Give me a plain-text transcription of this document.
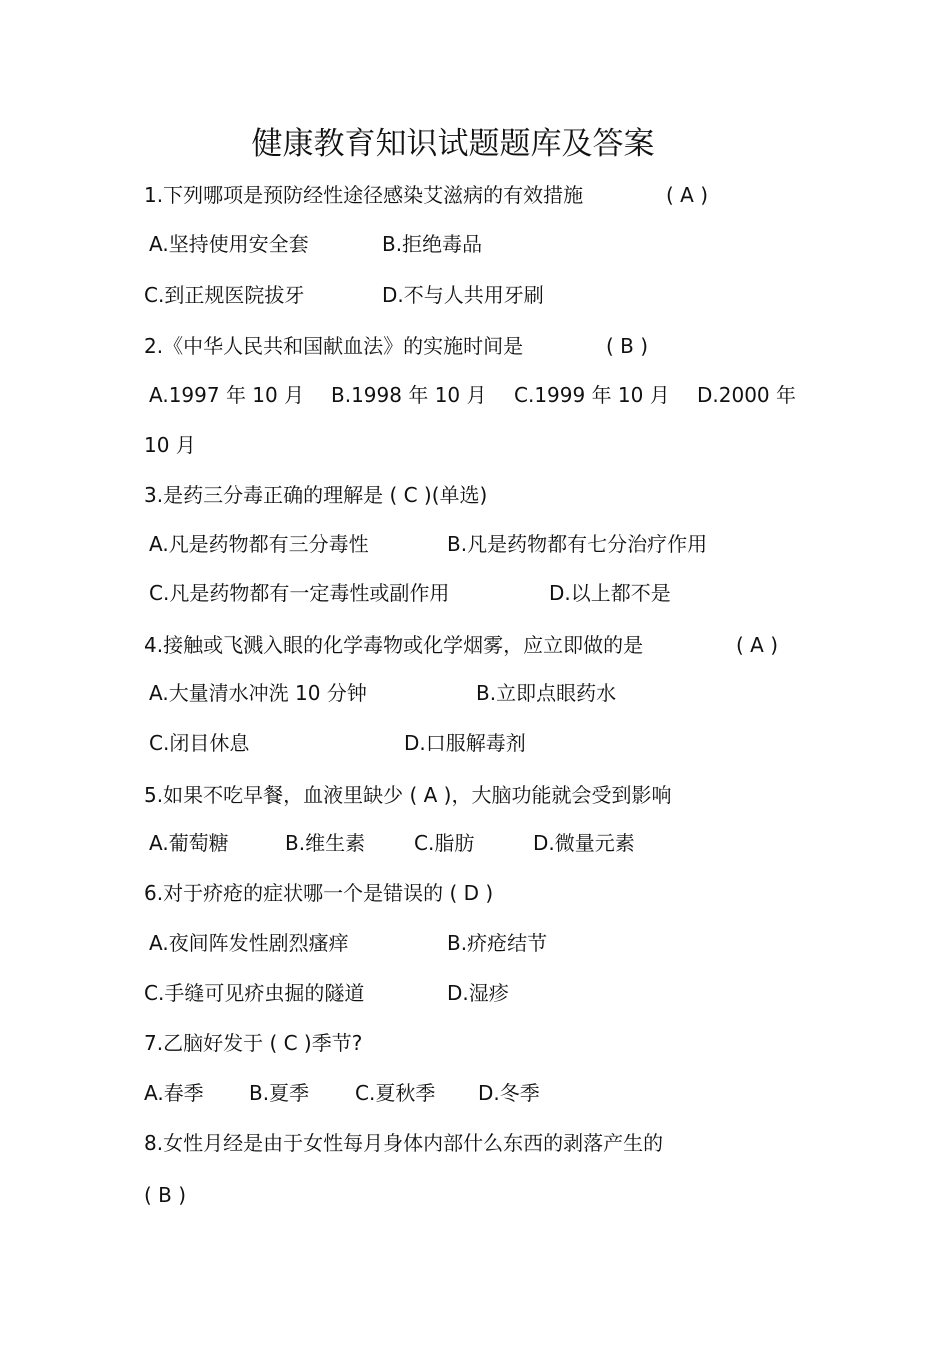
健康教育知识试题题库及答案
1.下列哪项是预防经性途径感染艾滋病的有效措施	( A )
A.坚持使用安全套	B.拒绝毒品
C.到正规医院拔牙	D.不与人共用牙刷
2.《中华人民共和国献血法》的实施时间是	( B )
A.1997 年 10 月 B.1998 年 10 月 C.1999 年 10 月 D.2000 年
10 月
3.是药三分毒正确的理解是 ( C )(单选)
A.凡是药物都有三分毒性	B.凡是药物都有七分治疗作用
C.凡是药物都有一定毒性或副作用	D.以上都不是
4.接触或飞溅入眼的化学毒物或化学烟雾，应立即做的是	( A )
A.大量清水冲洗 10 分钟	B.立即点眼药水
C.闭目休息	D.口服解毒剂
5.如果不吃早餐，血液里缺少 ( A )，大脑功能就会受到影响
A.葡萄糖	B.维生素 C.脂肪	D.微量元素
6.对于疥疮的症状哪一个是错误的 ( D )
A.夜间阵发性剧烈瘙痒	B.疥疮结节
C.手缝可见疥虫掘的隧道	D.湿疹
7.乙脑好发于 ( C )季节?
A.春季 B.夏季 C.夏秋季 D.冬季
8.女性月经是由于女性每月身体内部什么东西的剥落产生的
( B )
